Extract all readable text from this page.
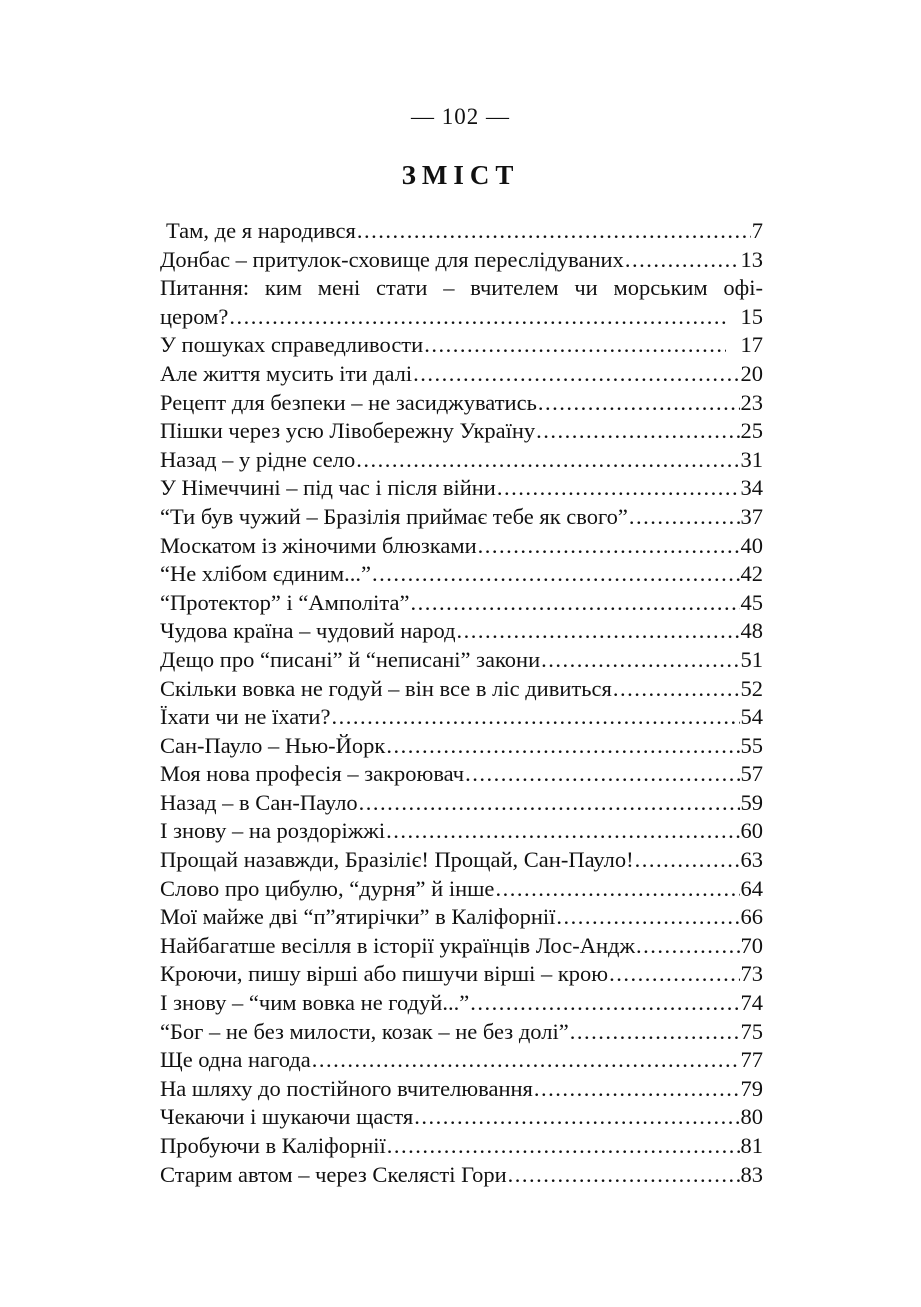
— 102 —
ЗМІСТ
Там, де я народився .....	7
Донбас – притулок-сховище для переслідуваних .....	13
Питання: ким мені стати – вчителем чи морським офі-
цером? .....	15
У пошуках справедливости .....	17
Але життя мусить іти далі .....	20
Рецепт для безпеки – не засиджуватись .....	23
Пішки через усю Лівобережну Україну .....	25
Назад – у рідне село .....	31
У Німеччині – під час і після війни .....	34
“Ти був чужий – Бразілія приймає тебе як свого” .....	37
Москатом із жіночими блюзками .....	40
“Не хлібом єдиним...” .....	42
“Протектор” і “Амполіта” .....	45
Чудова країна – чудовий народ .....	48
Дещо про “писані” й “неписані” закони .....	51
Скільки вовка не годуй – він все в ліс дивиться .....	52
Їхати чи не їхати? .....	54
Сан-Пауло – Нью-Йорк .....	55
Моя нова професія – закроювач .....	57
Назад – в Сан-Пауло .....	59
І знову – на роздоріжжі .....	60
Прощай назавжди, Бразіліє! Прощай, Сан-Пауло! .....	63
Слово про цибулю, “дурня” й інше .....	64
Мої майже дві “п”ятирічки” в Каліфорнії .....	66
Найбагатше весілля в історії українців Лос-Андж .....	70
Кроючи, пишу вірші або пишучи вірші – крою .....	73
І знову – “чим вовка не годуй...” .....	74
“Бог – не без милости, козак – не без долі” .....	75
Ще одна нагода .....	77
На шляху до постійного вчителювання .....	79
Чекаючи і шукаючи щастя .....	80
Пробуючи в Каліфорнії .....	81
Старим автом – через Скелясті Гори .....	83
